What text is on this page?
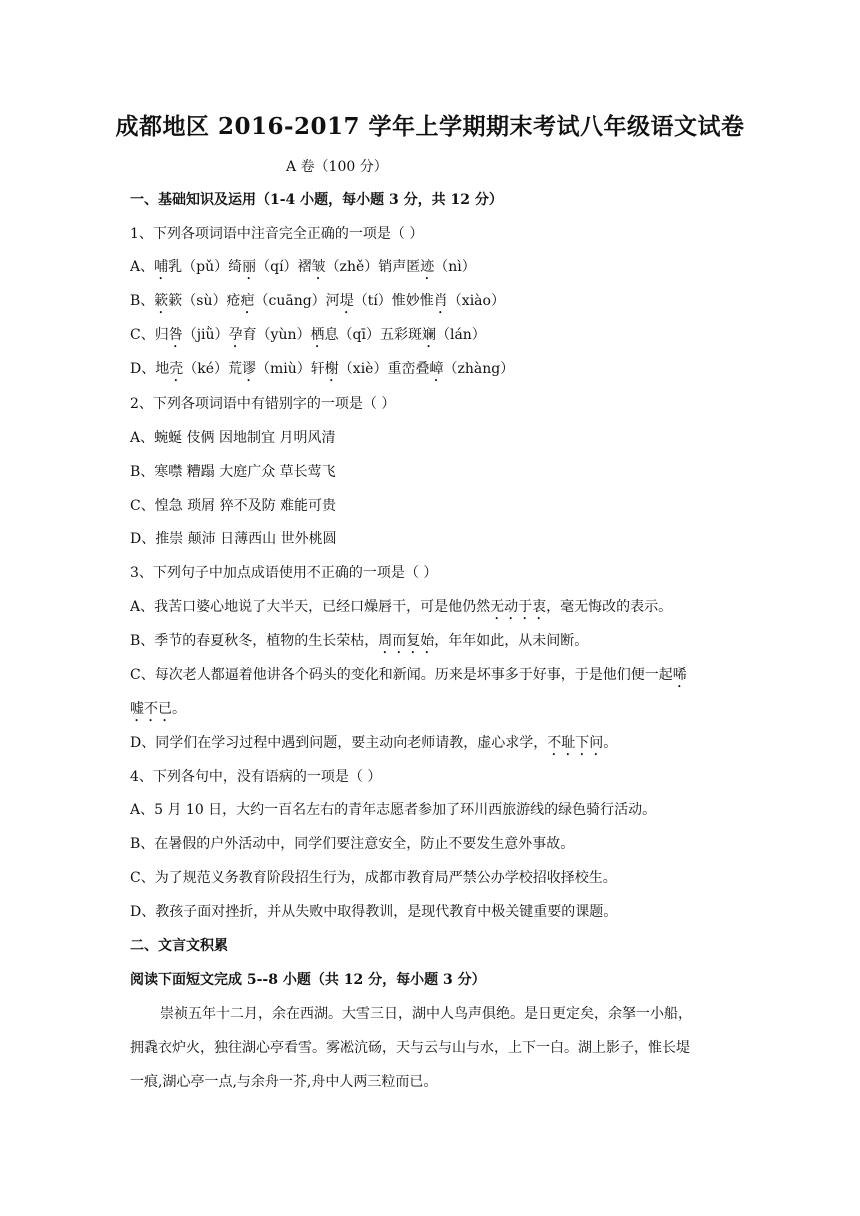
成都地区 2016-2017 学年上学期期末考试八年级语文试卷
A 卷（100 分）
一、基础知识及运用（1-4 小题，每小题 3 分，共 12 分）
1、下列各项词语中注音完全正确的一项是（ ）
A、哺乳（pǔ）绮丽（qí）褶皱（zhě）销声匿迹（nì）
B、簌簌（sù）疮疤（cuāng）河堤（tí）惟妙惟肖（xiào）
C、归咎（jiǜ）孕育（yùn）栖息（qī）五彩斑斓（lán）
D、地壳（ké）荒谬（miù）轩榭（xiè）重峦叠嶂（zhàng）
2、下列各项词语中有错别字的一项是（ ）
A、蜿蜒 伎俩 因地制宜 月明风清
B、寒噤 糟蹋 大庭广众 草长莺飞
C、惶急 琐屑 猝不及防 难能可贵
D、推崇 颠沛 日薄西山 世外桃圆
3、下列句子中加点成语使用不正确的一项是（ ）
A、我苦口婆心地说了大半天，已经口燥唇干，可是他仍然无动于衷，毫无悔改的表示。
B、季节的春夏秋冬，植物的生长荣枯，周而复始，年年如此，从未间断。
C、每次老人都逼着他讲各个码头的变化和新闻。历来是坏事多于好事，于是他们便一起唏
嘘不已。
D、同学们在学习过程中遇到问题，要主动向老师请教，虚心求学，不耻下问。
4、下列各句中，没有语病的一项是（ ）
A、5 月 10 日，大约一百名左右的青年志愿者参加了环川西旅游线的绿色骑行活动。
B、在暑假的户外活动中，同学们要注意安全，防止不要发生意外事故。
C、为了规范义务教育阶段招生行为，成都市教育局严禁公办学校招收择校生。
D、教孩子面对挫折，并从失败中取得教训，是现代教育中极关键重要的课题。
二、文言文积累
阅读下面短文完成 5--8 小题（共 12 分，每小题 3 分）
崇祯五年十二月，余在西湖。大雪三日，湖中人鸟声俱绝。是日更定矣，余拏一小船，
拥毳衣炉火，独往湖心亭看雪。雾凇沆砀，天与云与山与水，上下一白。湖上影子，惟长堤
一痕,湖心亭一点,与余舟一芥,舟中人两三粒而已。
